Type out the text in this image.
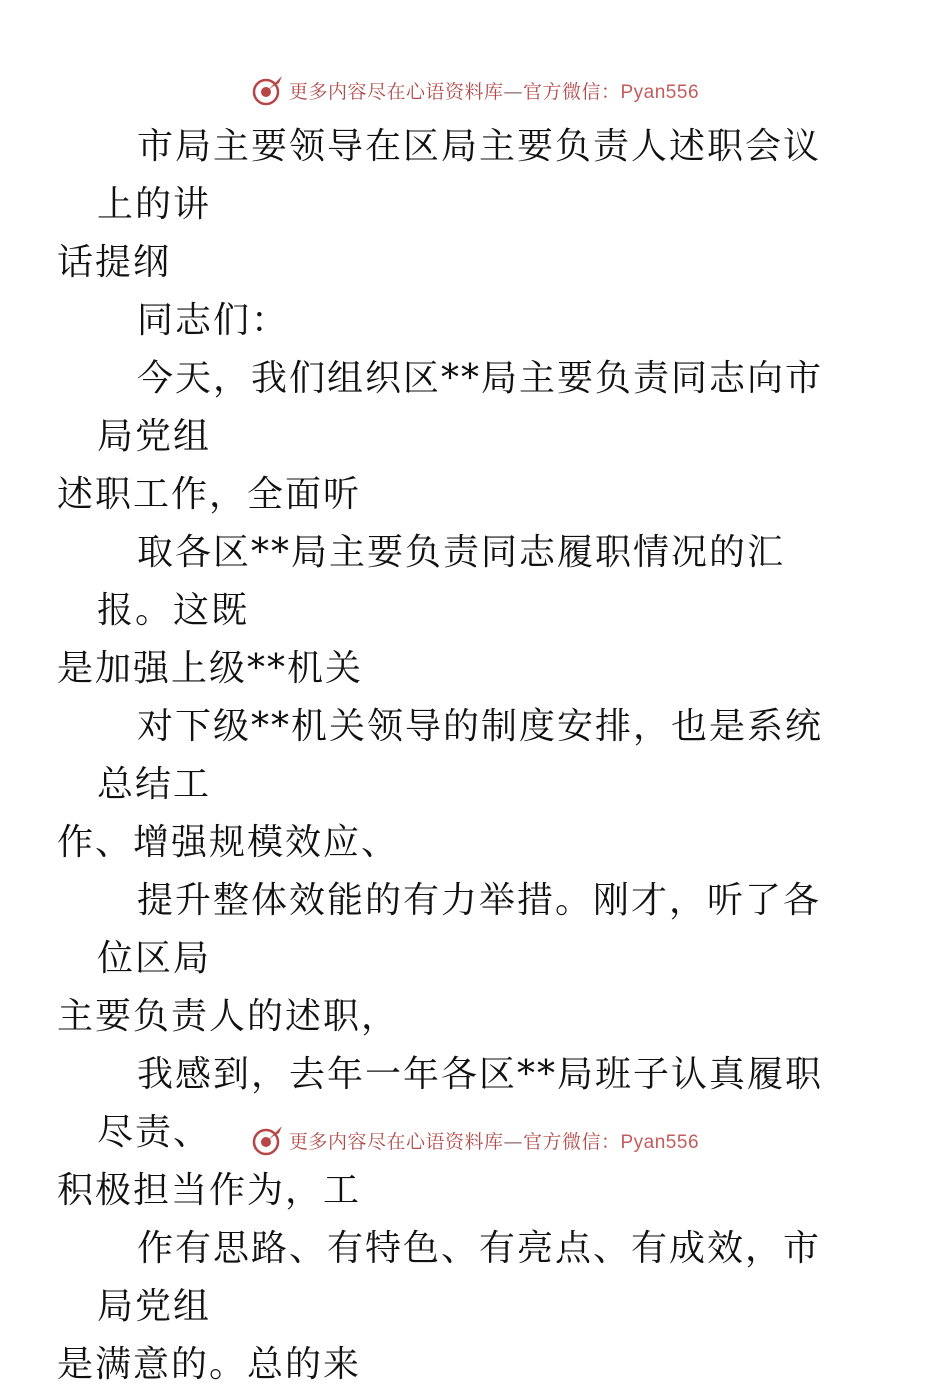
更多内容尽在心语资料库—官方微信：Pyan556

市局主要领导在区局主要负责人述职会议上的讲
话提纲

同志们：

今天，我们组织区**局主要负责同志向市局党组
述职工作，全面听

取各区**局主要负责同志履职情况的汇报。这既
是加强上级**机关

对下级**机关领导的制度安排，也是系统总结工
作、增强规模效应、

提升整体效能的有力举措。刚才，听了各位区局
主要负责人的述职，

我感到，去年一年各区**局班子认真履职尽责、
积极担当作为，工

作有思路、有特色、有亮点、有成效，市局党组
是满意的。总的来

更多内容尽在心语资料库—官方微信：Pyan556
